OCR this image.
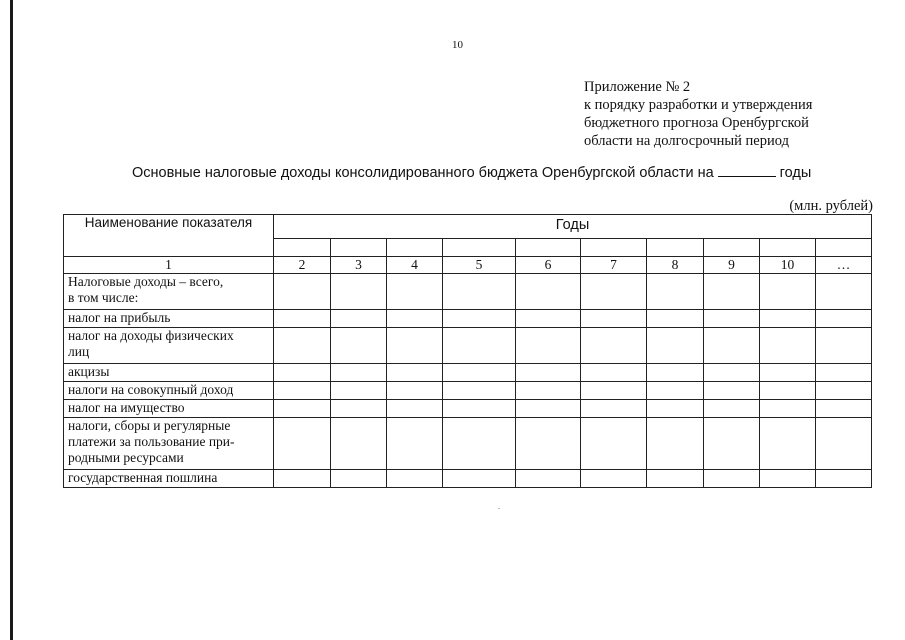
10
Приложение № 2
к порядку разработки и утверждения
бюджетного прогноза Оренбургской
области на долгосрочный период
Основные налоговые доходы консолидированного бюджета Оренбургской области на	годы
(млн. рублей)
Наименование показателя	Годы									

1	2	3	4	5	6	7	8	9	10	…

Налоговые доходы – всего,
в том числе:										

налог на прибыль										

налог на доходы физических
лиц										

акцизы										

налоги на совокупный доход										

налог на имущество										

налоги, сборы и регулярные
платежи за пользование при-
родными ресурсами										

государственная пошлина										
